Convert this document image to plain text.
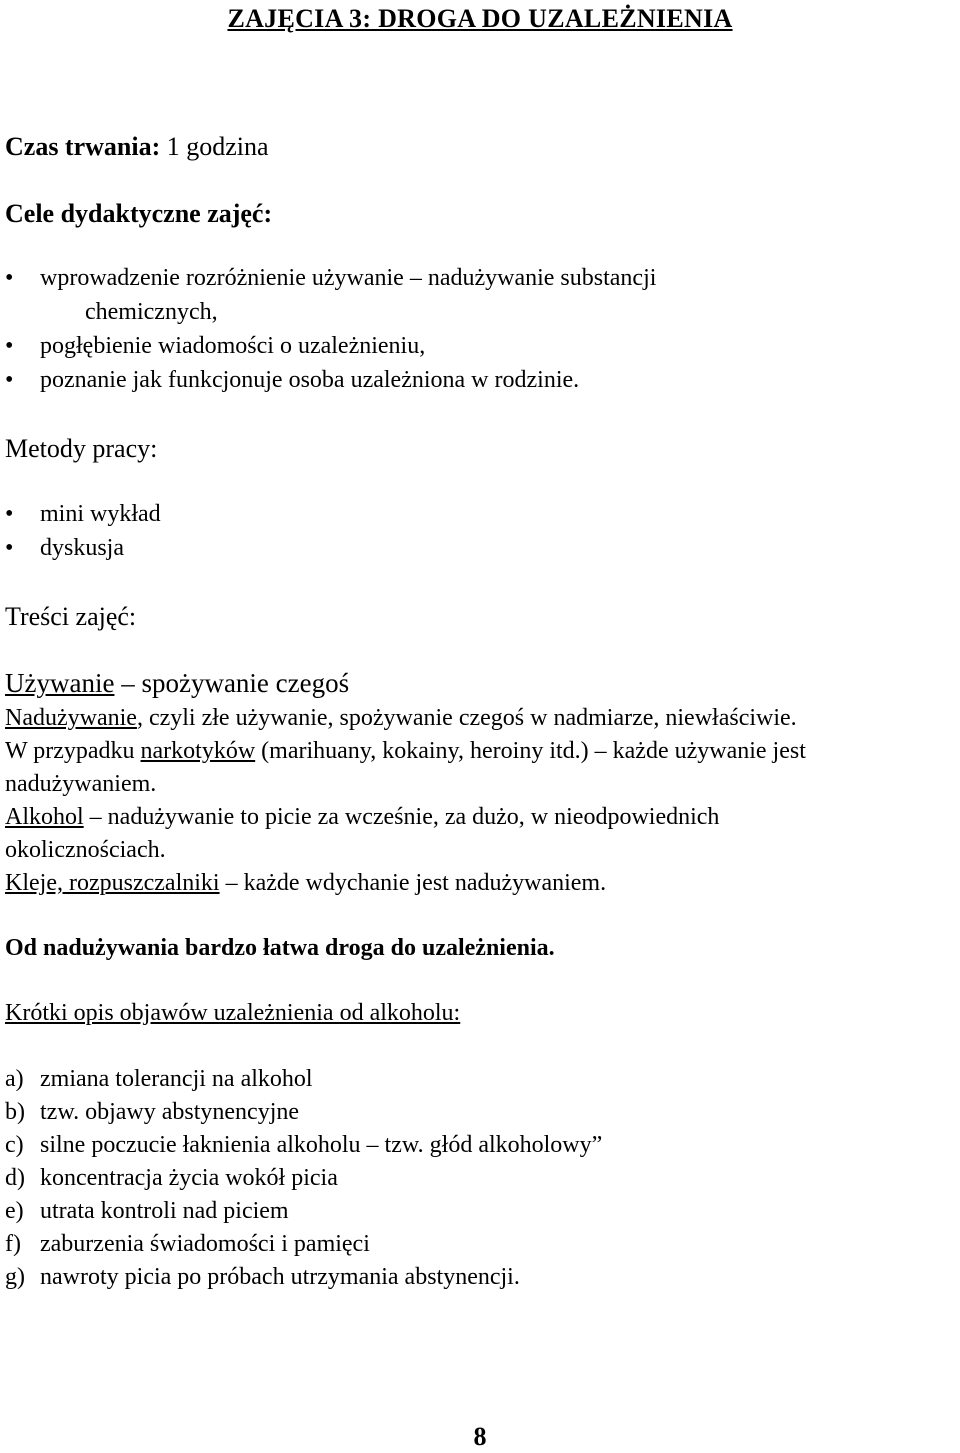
ZAJĘCIA 3: DROGA DO UZALEŻNIENIA
Czas trwania: 1 godzina
Cele dydaktyczne zajęć:
• wprowadzenie rozróżnienie używanie – nadużywanie substancji
chemicznych,
• pogłębienie wiadomości o uzależnieniu,
• poznanie jak funkcjonuje osoba uzależniona w rodzinie.
Metody pracy:
• mini wykład
• dyskusja
Treści zajęć:
Używanie – spożywanie czegoś
Nadużywanie, czyli złe używanie, spożywanie czegoś w nadmiarze, niewłaściwie.
W przypadku narkotyków (marihuany, kokainy, heroiny itd.) – każde używanie jest
nadużywaniem.
Alkohol – nadużywanie to picie za wcześnie, za dużo, w nieodpowiednich
okolicznościach.
Kleje, rozpuszczalniki – każde wdychanie jest nadużywaniem.
Od nadużywania bardzo łatwa droga do uzależnienia.
Krótki opis objawów uzależnienia od alkoholu:
a) zmiana tolerancji na alkohol
b) tzw. objawy abstynencyjne
c) silne poczucie łaknienia alkoholu – tzw. głód alkoholowy”
d) koncentracja życia wokół picia
e) utrata kontroli nad piciem
f) zaburzenia świadomości i pamięci
g) nawroty picia po próbach utrzymania abstynencji.
8
